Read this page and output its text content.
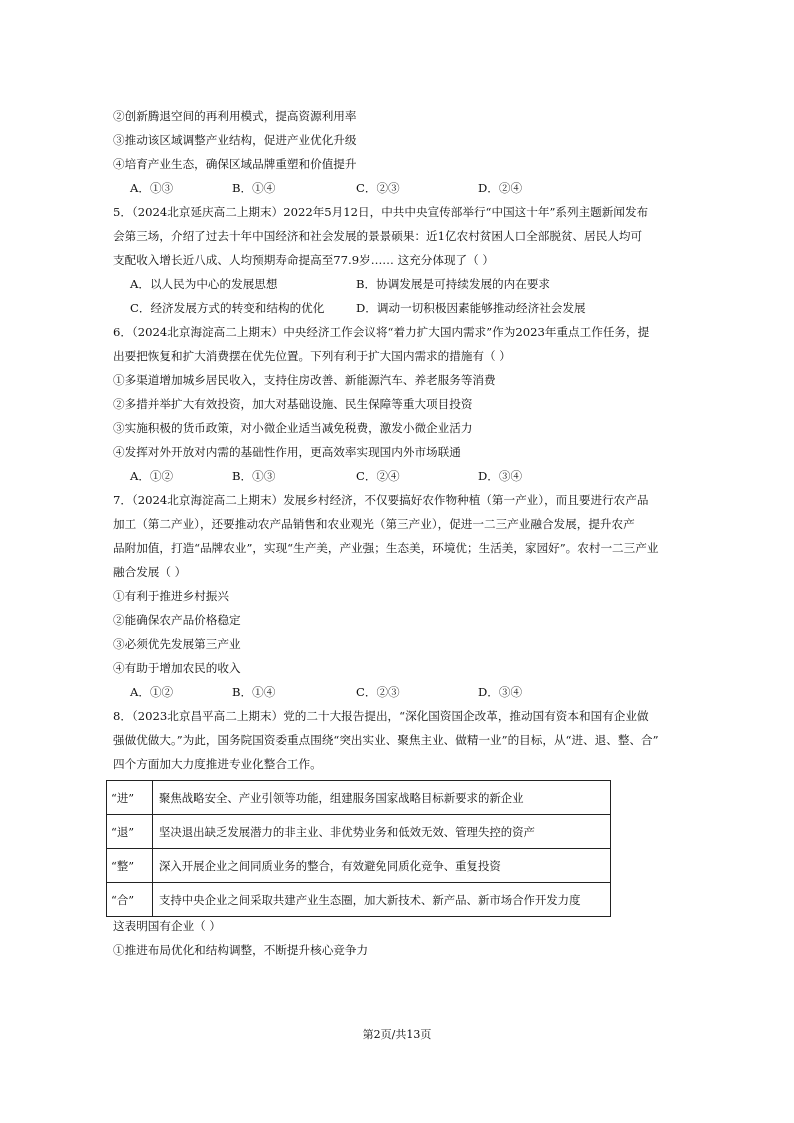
②创新腾退空间的再利用模式，提高资源利用率
③推动该区域调整产业结构，促进产业优化升级
④培育产业生态，确保区域品牌重塑和价值提升
A．①③	B．①④	C．②③	D．②④
5．（2024北京延庆高二上期末）2022年5月12日，中共中央宣传部举行“中国这十年”系列主题新闻发布
会第三场，介绍了过去十年中国经济和社会发展的景景硕果：近1亿农村贫困人口全部脱贫、居民人均可
支配收入增长近八成、人均预期寿命提高至77.9岁…… 这充分体现了（ ）
A．以人民为中心的发展思想	B．协调发展是可持续发展的内在要求
C．经济发展方式的转变和结构的优化	D．调动一切积极因素能够推动经济社会发展
6．（2024北京海淀高二上期末）中央经济工作会议将“着力扩大国内需求”作为2023年重点工作任务，提
出要把恢复和扩大消费摆在优先位置。下列有利于扩大国内需求的措施有（ ）
①多渠道增加城乡居民收入，支持住房改善、新能源汽车、养老服务等消费
②多措并举扩大有效投资，加大对基础设施、民生保障等重大项目投资
③实施积极的货币政策，对小微企业适当减免税费，激发小微企业活力
④发挥对外开放对内需的基础性作用，更高效率实现国内外市场联通
A．①②	B．①③	C．②④	D．③④
7．（2024北京海淀高二上期末）发展乡村经济，不仅要搞好农作物种植（第一产业），而且要进行农产品
加工（第二产业），还要推动农产品销售和农业观光（第三产业），促进一二三产业融合发展，提升农产
品附加值，打造“品牌农业”，实现“生产美，产业强；生态美，环境优；生活美，家园好”。农村一二三产业
融合发展（ ）
①有利于推进乡村振兴
②能确保农产品价格稳定
③必须优先发展第三产业
④有助于增加农民的收入
A．①②	B．①④	C．②③	D．③④
8．（2023北京昌平高二上期末）党的二十大报告提出，“深化国资国企改革，推动国有资本和国有企业做
强做优做大。”为此，国务院国资委重点围绕“突出实业、聚焦主业、做精一业”的目标，从“进、退、整、合”
四个方面加大力度推进专业化整合工作。
“进”	聚焦战略安全、产业引领等功能，组建服务国家战略目标新要求的新企业
“退”	坚决退出缺乏发展潜力的非主业、非优势业务和低效无效、管理失控的资产
“整”	深入开展企业之间同质业务的整合，有效避免同质化竞争、重复投资
“合”	支持中央企业之间采取共建产业生态圈，加大新技术、新产品、新市场合作开发力度
这表明国有企业（ ）
①推进布局优化和结构调整，不断提升核心竞争力
第2页/共13页
